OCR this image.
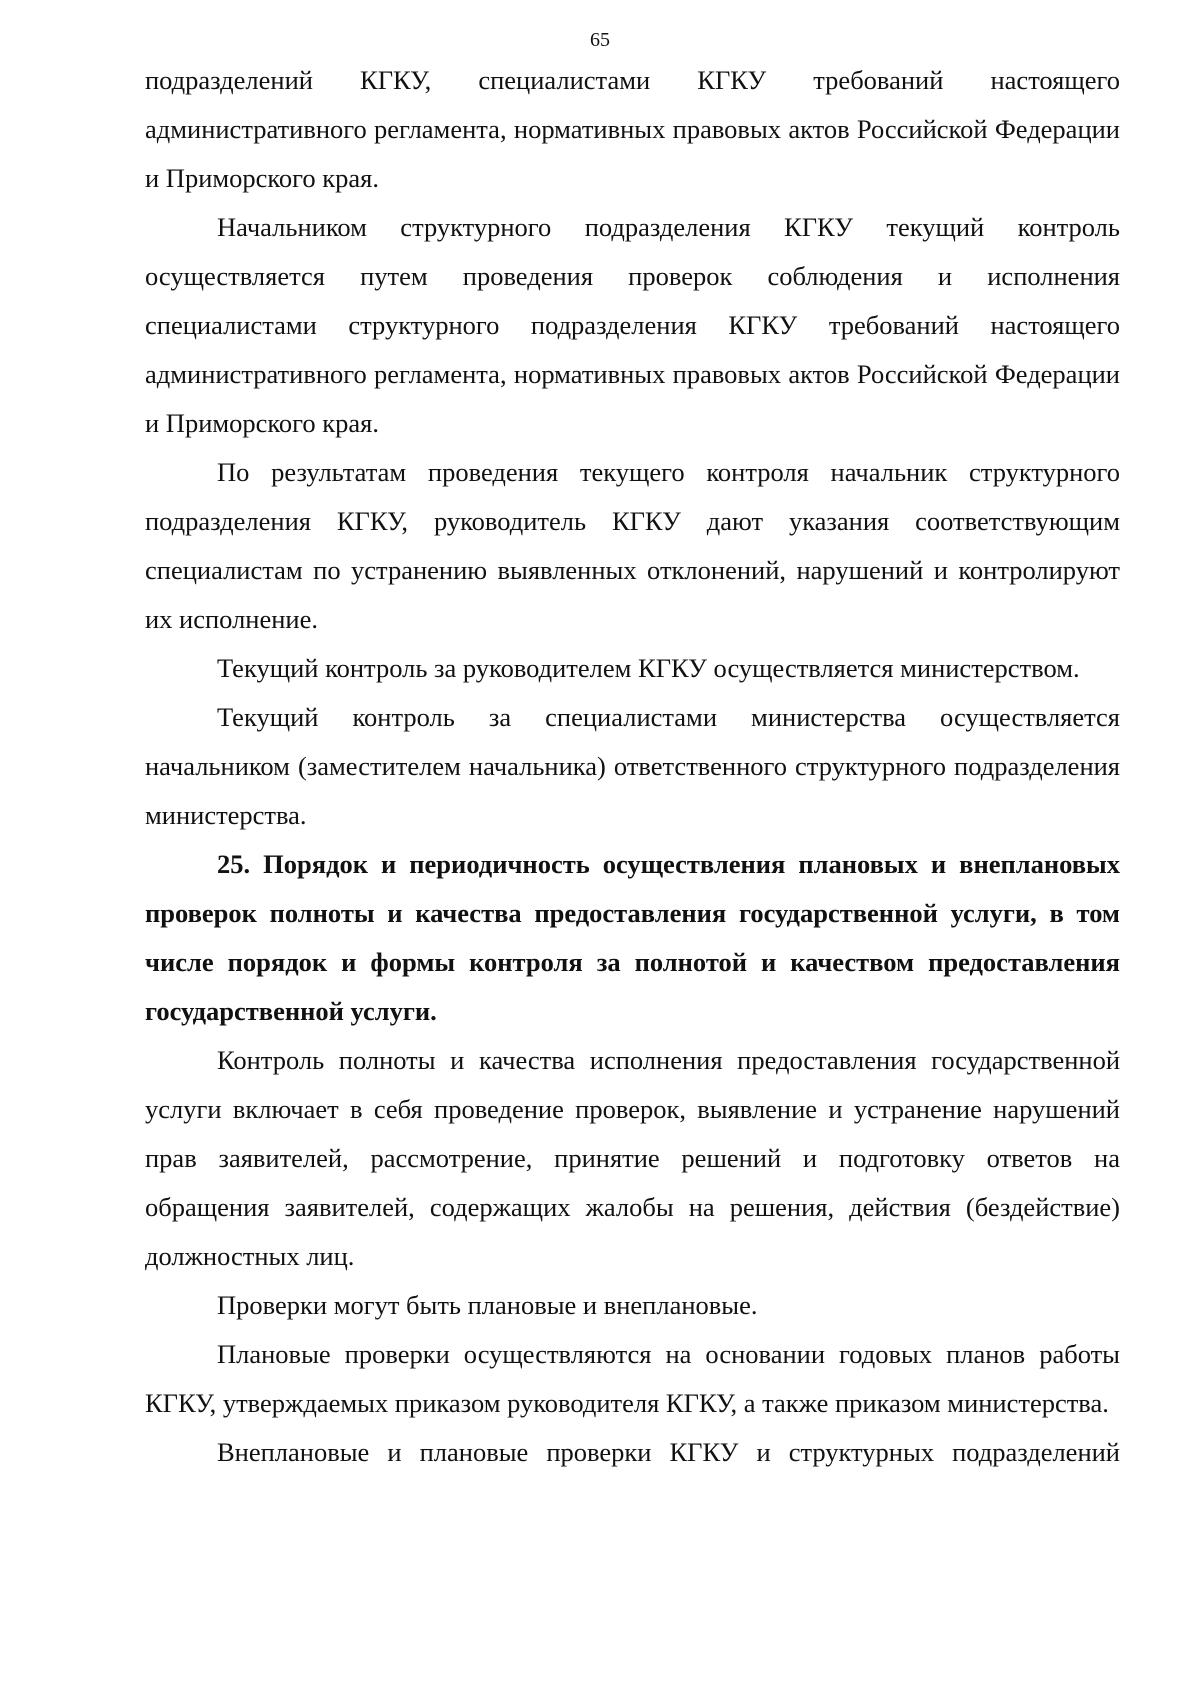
65

подразделений КГКУ, специалистами КГКУ требований настоящего административного регламента, нормативных правовых актов Российской Федерации и Приморского края.

Начальником структурного подразделения КГКУ текущий контроль осуществляется путем проведения проверок соблюдения и исполнения специалистами структурного подразделения КГКУ требований настоящего административного регламента, нормативных правовых актов Российской Федерации и Приморского края.

По результатам проведения текущего контроля начальник структурного подразделения КГКУ, руководитель КГКУ дают указания соответствующим специалистам по устранению выявленных отклонений, нарушений и контролируют их исполнение.

Текущий контроль за руководителем КГКУ осуществляется министерством.

Текущий контроль за специалистами министерства осуществляется начальником (заместителем начальника) ответственного структурного подразделения министерства.

25. Порядок и периодичность осуществления плановых и внеплановых проверок полноты и качества предоставления государственной услуги, в том числе порядок и формы контроля за полнотой и качеством предоставления государственной услуги.

Контроль полноты и качества исполнения предоставления государственной услуги включает в себя проведение проверок, выявление и устранение нарушений прав заявителей, рассмотрение, принятие решений и подготовку ответов на обращения заявителей, содержащих жалобы на решения, действия (бездействие) должностных лиц.

Проверки могут быть плановые и внеплановые.

Плановые проверки осуществляются на основании годовых планов работы КГКУ, утверждаемых приказом руководителя КГКУ, а также приказом министерства.

Внеплановые и плановые проверки КГКУ и структурных подразделений
